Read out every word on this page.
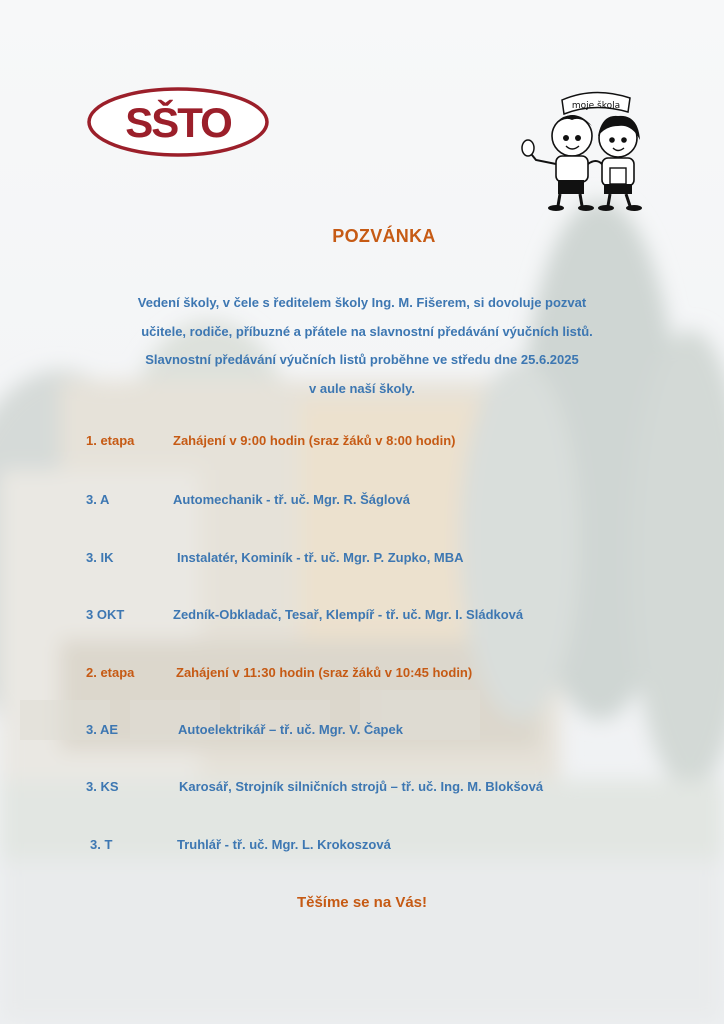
SŠTO	moje škola
POZVÁNKA
Vedení školy, v čele s ředitelem školy Ing. M. Fišerem, si dovoluje pozvat
učitele, rodiče, příbuzné a přátele na slavnostní předávání výučních listů.
Slavnostní předávání výučních listů proběhne ve středu dne 25.6.2025
v aule naší školy.
1. etapa	Zahájení v 9:00 hodin (sraz žáků v 8:00 hodin)
3. A	Automechanik - tř. uč. Mgr. R. Šáglová
3. IK	Instalatér, Kominík - tř. uč. Mgr. P. Zupko, MBA
3 OKT	Zedník-Obkladač, Tesař, Klempíř - tř. uč. Mgr. I. Sládková
2. etapa	Zahájení v 11:30 hodin (sraz žáků v 10:45 hodin)
3. AE	Autoelektrikář – tř. uč. Mgr. V. Čapek
3. KS	Karosář, Strojník silničních strojů – tř. uč. Ing. M. Blokšová
3. T	Truhlář - tř. uč. Mgr. L. Krokoszová
Těšíme se na Vás!
